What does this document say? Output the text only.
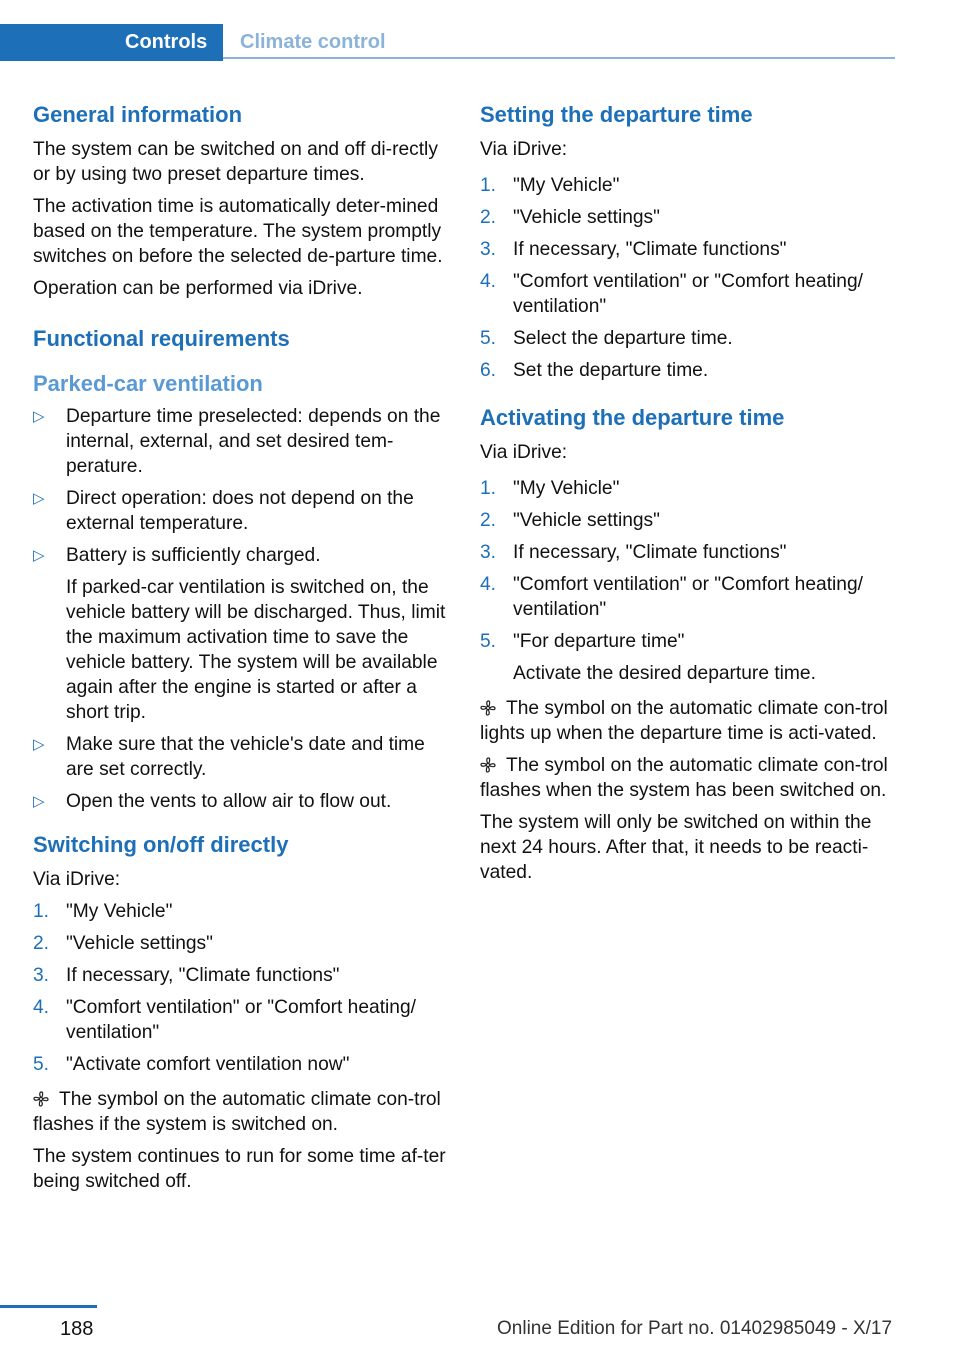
Controls	Climate control
General information

The system can be switched on and off di-rectly or by using two preset departure times.

The activation time is automatically deter-mined based on the temperature. The system promptly switches on before the selected de-parture time.

Operation can be performed via iDrive.

Functional requirements
Parked-car ventilation
▷ Departure time preselected: depends on the internal, external, and set desired tem-perature.
▷ Direct operation: does not depend on the external temperature.
▷ Battery is sufficiently charged.
If parked-car ventilation is switched on, the vehicle battery will be discharged. Thus, limit the maximum activation time to save the vehicle battery. The system will be available again after the engine is started or after a short trip.
▷ Make sure that the vehicle's date and time are set correctly.
▷ Open the vents to allow air to flow out.
Switching on/off directly

Via iDrive:

1. "My Vehicle"
2. "Vehicle settings"
3. If necessary, "Climate functions"
4. "Comfort ventilation" or "Comfort heating/ ventilation"
5. "Activate comfort ventilation now"

The symbol on the automatic climate con-trol flashes if the system is switched on.

The system continues to run for some time af-ter being switched off.

Setting the departure time

Via iDrive:

1. "My Vehicle"
2. "Vehicle settings"
3. If necessary, "Climate functions"
4. "Comfort ventilation" or "Comfort heating/ ventilation"
5. Select the departure time.
6. Set the departure time.
Activating the departure time

Via iDrive:

1. "My Vehicle"
2. "Vehicle settings"
3. If necessary, "Climate functions"
4. "Comfort ventilation" or "Comfort heating/ ventilation"
5. "For departure time"
Activate the desired departure time.

The symbol on the automatic climate con-trol lights up when the departure time is acti-vated.

The symbol on the automatic climate con-trol flashes when the system has been switched on.

The system will only be switched on within the next 24 hours. After that, it needs to be reacti-vated.

188	Online Edition for Part no. 01402985049 - X/17
